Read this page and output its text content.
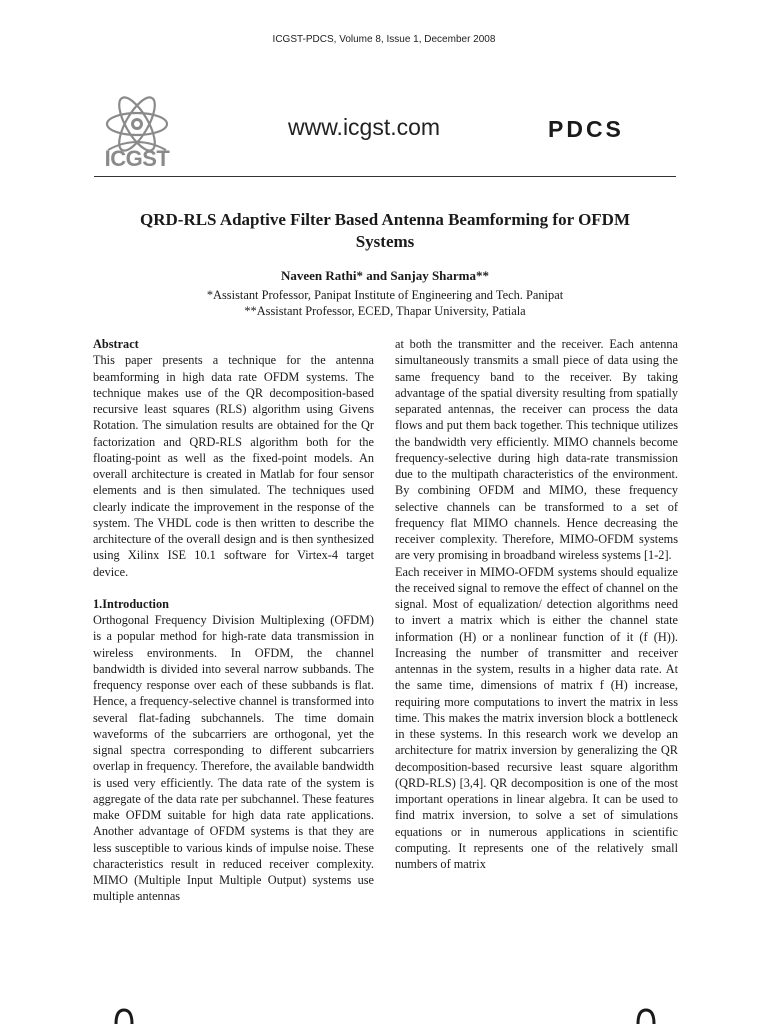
ICGST-PDCS, Volume 8, Issue 1, December 2008
ICGST
www.icgst.com	PDCS
QRD-RLS Adaptive Filter Based Antenna Beamforming for OFDM
Systems
Naveen Rathi* and Sanjay Sharma**
*Assistant Professor, Panipat Institute of Engineering and Tech. Panipat
**Assistant Professor, ECED, Thapar University, Patiala

Abstract

This paper presents a technique for the antenna beamforming in high data rate OFDM systems. The technique makes use of the QR decomposition-based recursive least squares (RLS) algorithm using Givens Rotation. The simulation results are obtained for the Qr factorization and QRD-RLS algorithm both for the floating-point as well as the fixed-point models. An overall architecture is created in Matlab for four sensor elements and is then simulated. The techniques used clearly indicate the improvement in the response of the system. The VHDL code is then written to describe the architecture of the overall design and is then synthesized using Xilinx ISE 10.1 software for Virtex-4 target device.

1.Introduction

Orthogonal Frequency Division Multiplexing (OFDM) is a popular method for high-rate data transmission in wireless environments. In OFDM, the channel bandwidth is divided into several narrow subbands. The frequency response over each of these subbands is flat. Hence, a frequency-selective channel is transformed into several flat-fading subchannels. The time domain waveforms of the subcarriers are orthogonal, yet the signal spectra corresponding to different subcarriers overlap in frequency. Therefore, the available bandwidth is used very efficiently. The data rate of the system is aggregate of the data rate per subchannel. These features make OFDM suitable for high data rate applications. Another advantage of OFDM systems is that they are less susceptible to various kinds of impulse noise. These characteristics result in reduced receiver complexity. MIMO (Multiple Input Multiple Output) systems use multiple antennas

at both the transmitter and the receiver. Each antenna simultaneously transmits a small piece of data using the same frequency band to the receiver. By taking advantage of the spatial diversity resulting from spatially separated antennas, the receiver can process the data flows and put them back together. This technique utilizes the bandwidth very efficiently. MIMO channels become frequency-selective during high data-rate transmission due to the multipath characteristics of the environment. By combining OFDM and MIMO, these frequency selective channels can be transformed to a set of frequency flat MIMO channels. Hence decreasing the receiver complexity. Therefore, MIMO-OFDM systems are very promising in broadband wireless systems [1-2].

Each receiver in MIMO-OFDM systems should equalize the received signal to remove the effect of channel on the signal. Most of equalization/ detection algorithms need to invert a matrix which is either the channel state information (H) or a nonlinear function of it (f (H)). Increasing the number of transmitter and receiver antennas in the system, results in a higher data rate. At the same time, dimensions of matrix f (H) increase, requiring more computations to invert the matrix in less time. This makes the matrix inversion block a bottleneck in these systems. In this research work we develop an architecture for matrix inversion by generalizing the QR decomposition-based recursive least square algorithm (QRD-RLS) [3,4]. QR decomposition is one of the most important operations in linear algebra. It can be used to find matrix inversion, to solve a set of simulations equations or in numerous applications in scientific computing. It represents one of the relatively small numbers of matrix
